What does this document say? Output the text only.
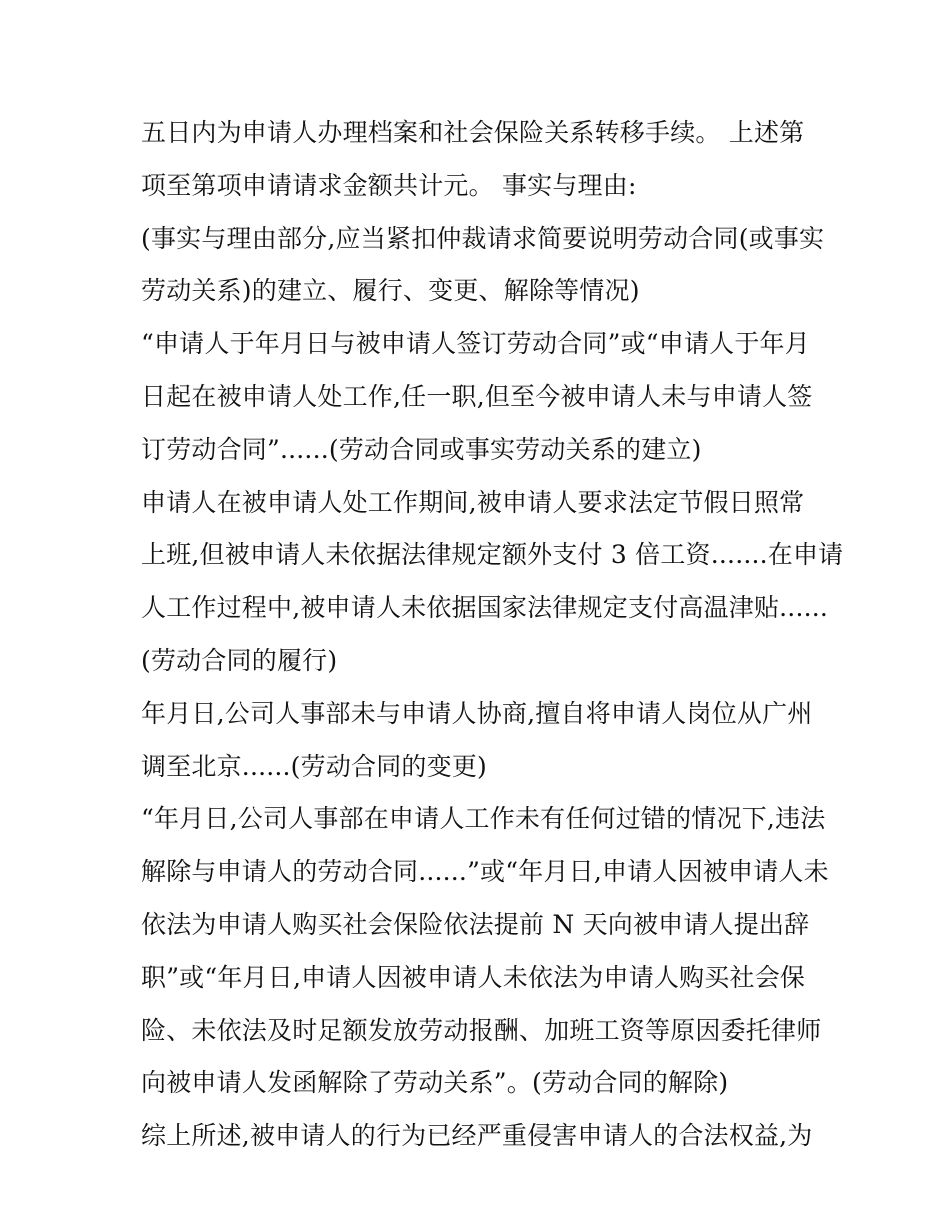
五日内为申请人办理档案和社会保险关系转移手续。 上述第
项至第项申请请求金额共计元。 事实与理由:
(事实与理由部分,应当紧扣仲裁请求简要说明劳动合同(或事实
劳动关系)的建立、履行、变更、解除等情况)
“申请人于年月日与被申请人签订劳动合同”或“申请人于年月
日起在被申请人处工作,任一职,但至今被申请人未与申请人签
订劳动合同”......(劳动合同或事实劳动关系的建立)
申请人在被申请人处工作期间,被申请人要求法定节假日照常
上班,但被申请人未依据法律规定额外支付 3 倍工资.......在申请
人工作过程中,被申请人未依据国家法律规定支付高温津贴......
(劳动合同的履行)
年月日,公司人事部未与申请人协商,擅自将申请人岗位从广州
调至北京......(劳动合同的变更)
“年月日,公司人事部在申请人工作未有任何过错的情况下,违法
解除与申请人的劳动合同......”或“年月日,申请人因被申请人未
依法为申请人购买社会保险依法提前 N 天向被申请人提出辞
职”或“年月日,申请人因被申请人未依法为申请人购买社会保
险、未依法及时足额发放劳动报酬、加班工资等原因委托律师
向被申请人发函解除了劳动关系”。(劳动合同的解除)
综上所述,被申请人的行为已经严重侵害申请人的合法权益,为
